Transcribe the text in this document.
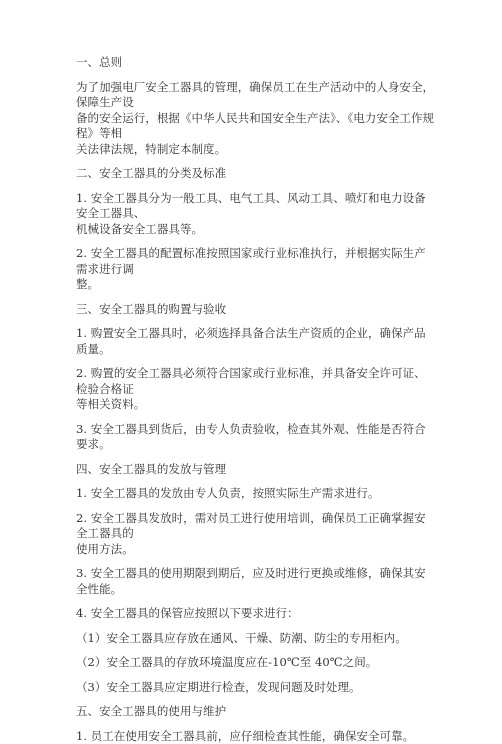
一、总则
为了加强电厂安全工器具的管理，确保员工在生产活动中的人身安全，保障生产设
备的安全运行，根据《中华人民共和国安全生产法》、《电力安全工作规程》等相
关法律法规，特制定本制度。
二、安全工器具的分类及标准
1. 安全工器具分为一般工具、电气工具、风动工具、喷灯和电力设备安全工器具、
机械设备安全工器具等。
2. 安全工器具的配置标准按照国家或行业标准执行，并根据实际生产需求进行调
整。
三、安全工器具的购置与验收
1. 购置安全工器具时，必须选择具备合法生产资质的企业，确保产品质量。
2. 购置的安全工器具必须符合国家或行业标准，并具备安全许可证、检验合格证
等相关资料。
3. 安全工器具到货后，由专人负责验收，检查其外观、性能是否符合要求。
四、安全工器具的发放与管理
1. 安全工器具的发放由专人负责，按照实际生产需求进行。
2. 安全工器具发放时，需对员工进行使用培训，确保员工正确掌握安全工器具的
使用方法。
3. 安全工器具的使用期限到期后，应及时进行更换或维修，确保其安全性能。
4. 安全工器具的保管应按照以下要求进行：
（1）安全工器具应存放在通风、干燥、防潮、防尘的专用柜内。
（2）安全工器具的存放环境温度应在-10℃至 40℃之间。
（3）安全工器具应定期进行检查，发现问题及时处理。
五、安全工器具的使用与维护
1. 员工在使用安全工器具前，应仔细检查其性能，确保安全可靠。
